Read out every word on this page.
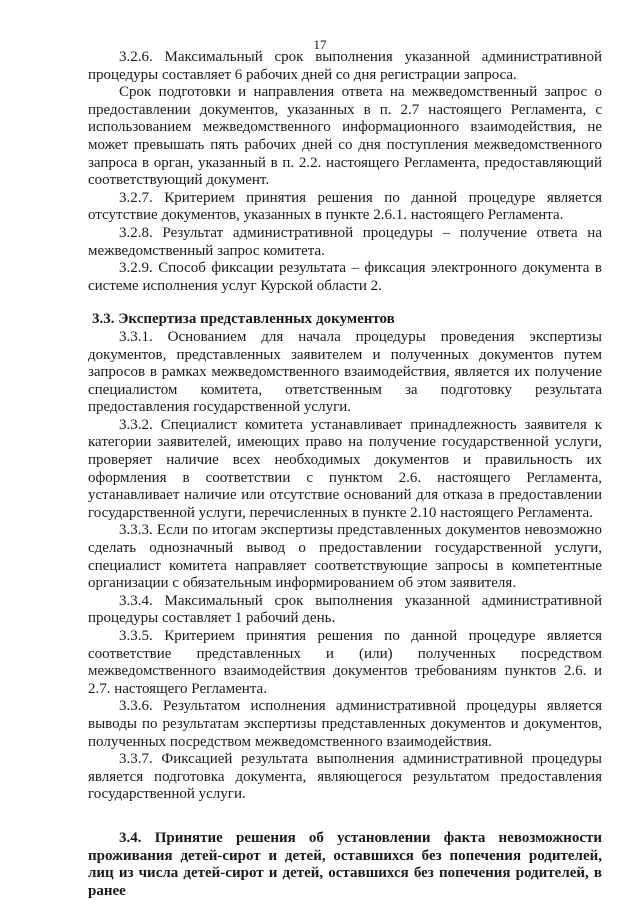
17

3.2.6. Максимальный срок выполнения указанной административной процедуры составляет 6 рабочих дней со дня регистрации запроса.

Срок подготовки и направления ответа на межведомственный запрос о предоставлении документов, указанных в п. 2.7 настоящего Регламента, с использованием межведомственного информационного взаимодействия, не может превышать пять рабочих дней со дня поступления межведомственного запроса в орган, указанный в п. 2.2. настоящего Регламента, предоставляющий соответствующий документ.

3.2.7. Критерием принятия решения по данной процедуре является отсутствие документов, указанных в пункте 2.6.1. настоящего Регламента.

3.2.8. Результат административной процедуры – получение ответа на межведомственный запрос комитета.

3.2.9. Способ фиксации результата – фиксация электронного документа в системе исполнения услуг Курской области 2.

3.3. Экспертиза представленных документов

3.3.1. Основанием для начала процедуры проведения экспертизы документов, представленных заявителем и полученных документов путем запросов в рамках межведомственного взаимодействия, является их получение специалистом комитета, ответственным за подготовку результата предоставления государственной услуги.

3.3.2. Специалист комитета устанавливает принадлежность заявителя к категории заявителей, имеющих право на получение государственной услуги, проверяет наличие всех необходимых документов и правильность их оформления в соответствии с пунктом 2.6. настоящего Регламента, устанавливает наличие или отсутствие оснований для отказа в предоставлении государственной услуги, перечисленных в пункте 2.10 настоящего Регламента.

3.3.3. Если по итогам экспертизы представленных документов невозможно сделать однозначный вывод о предоставлении государственной услуги, специалист комитета направляет соответствующие запросы в компетентные организации с обязательным информированием об этом заявителя.

3.3.4. Максимальный срок выполнения указанной административной процедуры составляет 1 рабочий день.

3.3.5. Критерием принятия решения по данной процедуре является соответствие представленных и (или) полученных посредством межведомственного взаимодействия документов требованиям пунктов 2.6. и 2.7. настоящего Регламента.

3.3.6. Результатом исполнения административной процедуры является выводы по результатам экспертизы представленных документов и документов, полученных посредством межведомственного взаимодействия.

3.3.7. Фиксацией результата выполнения административной процедуры является подготовка документа, являющегося результатом предоставления государственной услуги.

3.4. Принятие решения об установлении факта невозможности проживания детей-сирот и детей, оставшихся без попечения родителей, лиц из числа детей-сирот и детей, оставшихся без попечения родителей, в ранее
